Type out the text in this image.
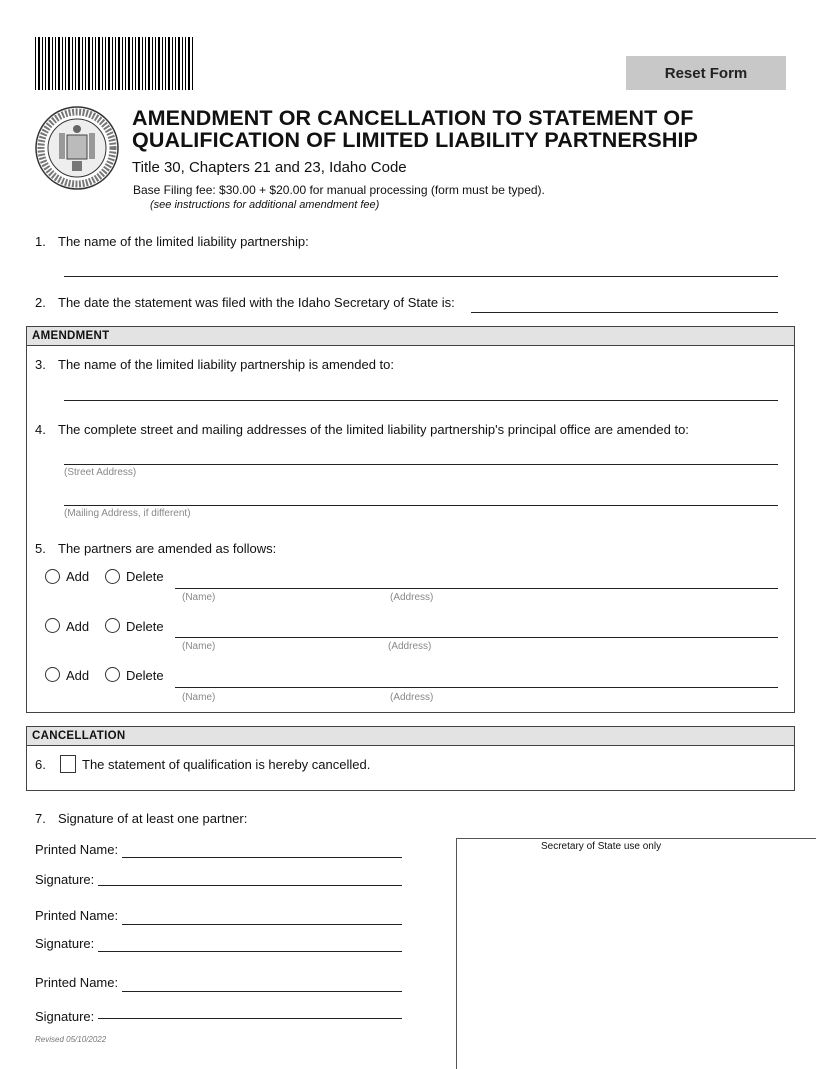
Reset Form
AMENDMENT OR CANCELLATION TO STATEMENT OF
QUALIFICATION OF LIMITED LIABILITY PARTNERSHIP
Title 30, Chapters 21 and 23, Idaho Code
Base Filing fee: $30.00 + $20.00 for manual processing (form must be typed).
(see instructions for additional amendment fee)
1. The name of the limited liability partnership:
2. The date the statement was filed with the Idaho Secretary of State is:
AMENDMENT
3. The name of the limited liability partnership is amended to:
4. The complete street and mailing addresses of the limited liability partnership's principal office are amended to:
(Street Address)
(Mailing Address, if different)
5. The partners are amended as follows:
Add	Delete
(Name)	(Address)
Add	Delete
(Name)	(Address)
Add	Delete
(Name)	(Address)
CANCELLATION
6.	The statement of qualification is hereby cancelled.
7. Signature of at least one partner:
Printed Name:
Signature:
Printed Name:
Signature:
Printed Name:
Signature:
Revised 05/10/2022
Secretary of State use only
